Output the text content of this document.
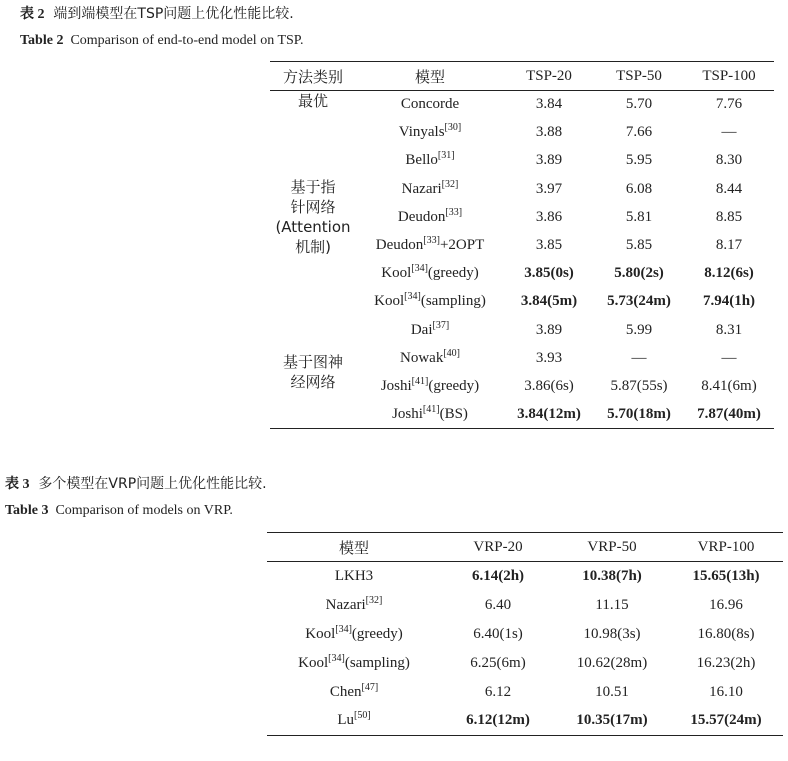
表 2 端到端模型在TSP问题上优化性能比较.
Table 2 Comparison of end-to-end model on TSP.
方法类别	模型	TSP-20	TSP-50	TSP-100

最优	Concorde	3.84	5.70	7.76

基于指
针网络
(Attention
机制)	Vinyals[30]	3.88	7.66	—
	Bello[31]	3.89	5.95	8.30
	Nazari[32]	3.97	6.08	8.44
	Deudon[33]	3.86	5.81	8.85
	Deudon[33]+2OPT	3.85	5.85	8.17
	Kool[34](greedy)	3.85(0s)	5.80(2s)	8.12(6s)
	Kool[34](sampling)	3.84(5m)	5.73(24m)	7.94(1h)

基于图神
经网络	Dai[37]	3.89	5.99	8.31
	Nowak[40]	3.93	—	—
	Joshi[41](greedy)	3.86(6s)	5.87(55s)	8.41(6m)
	Joshi[41](BS)	3.84(12m)	5.70(18m)	7.87(40m)
表 3 多个模型在VRP问题上优化性能比较.
Table 3 Comparison of models on VRP.
模型	VRP-20	VRP-50	VRP-100
LKH3	6.14(2h)	10.38(7h)	15.65(13h)
Nazari[32]	6.40	11.15	16.96
Kool[34](greedy)	6.40(1s)	10.98(3s)	16.80(8s)
Kool[34](sampling)	6.25(6m)	10.62(28m)	16.23(2h)
Chen[47]	6.12	10.51	16.10
Lu[50]	6.12(12m)	10.35(17m)	15.57(24m)
